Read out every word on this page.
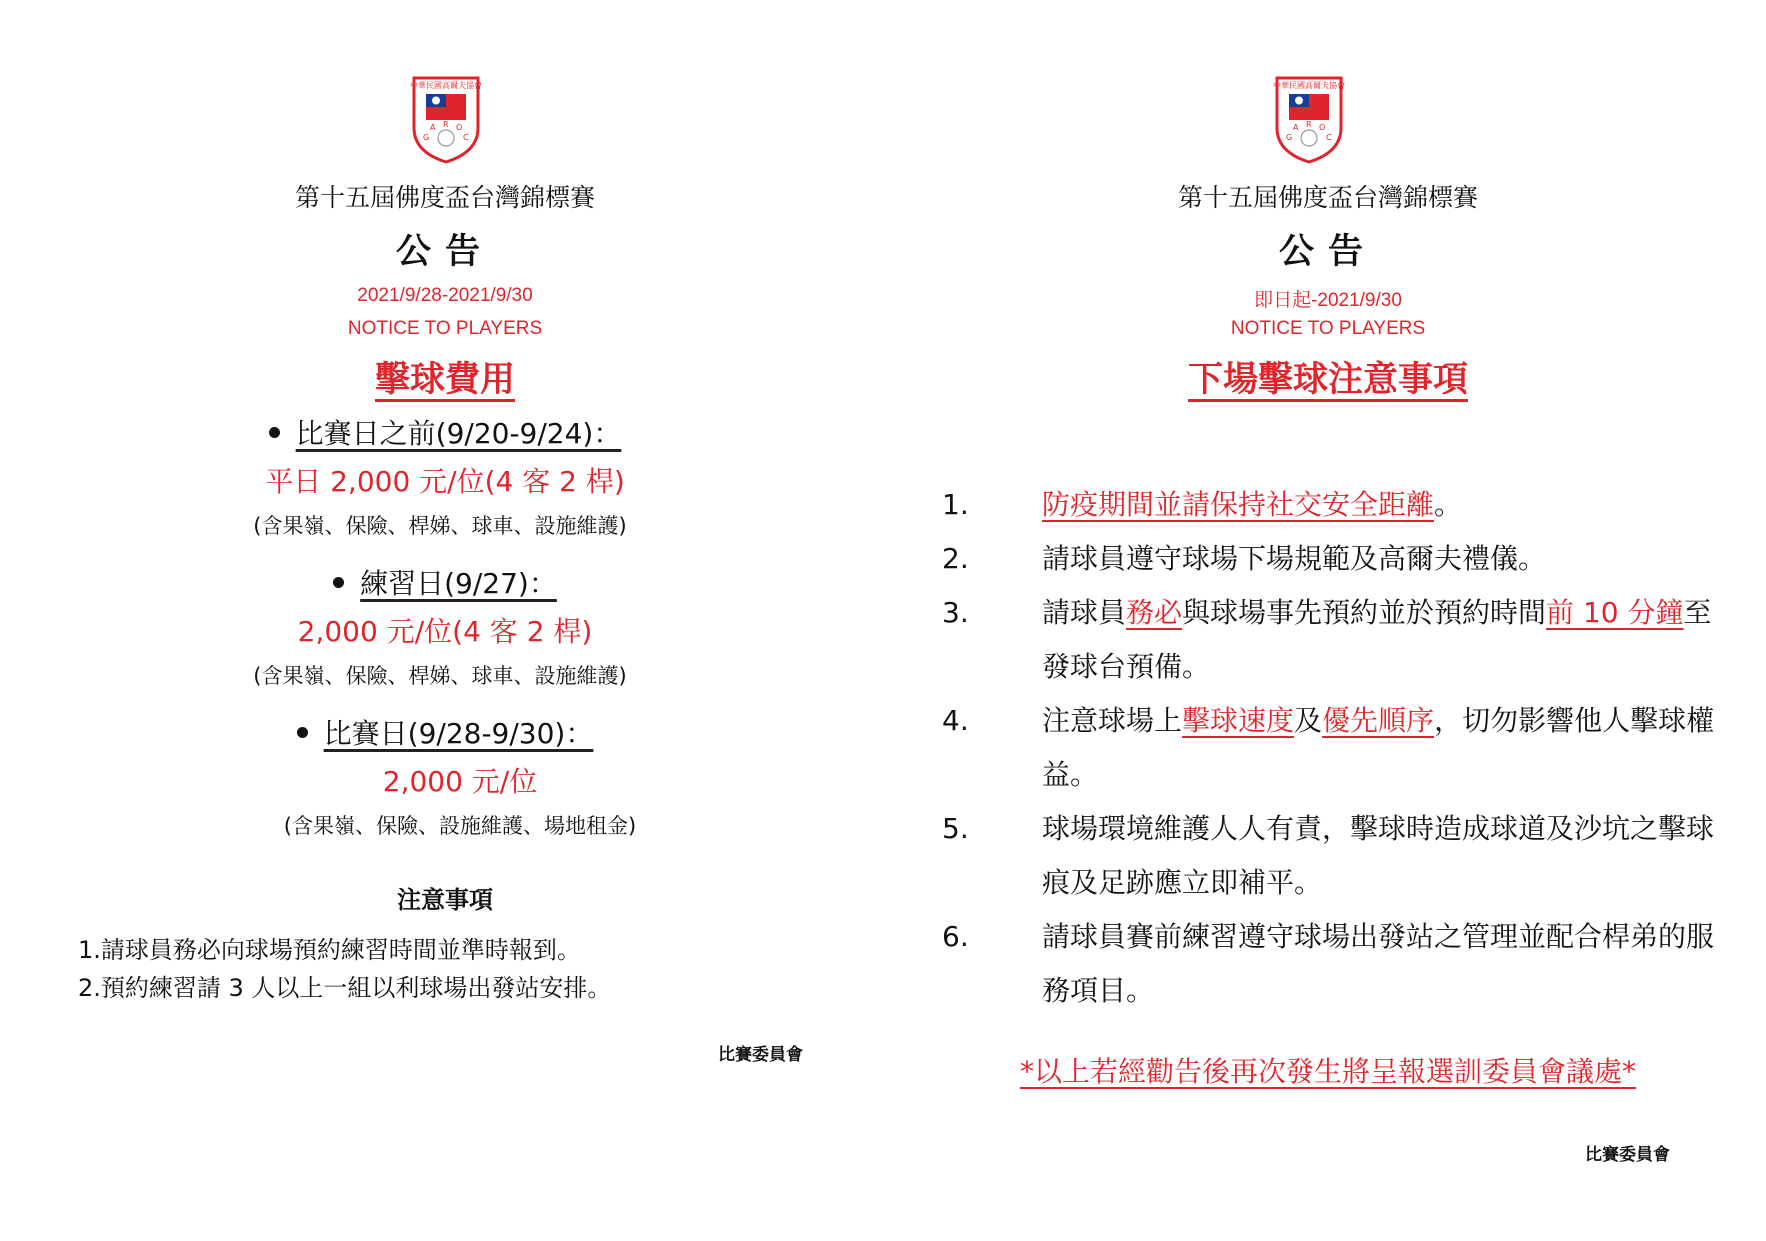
中華民國高爾夫協會
G
A R O
C
第十五屆佛度盃台灣錦標賽
公告
2021/9/28-2021/9/30
NOTICE TO PLAYERS
擊球費用
比賽日之前(9/20-9/24)：
平日 2,000 元/位(4 客 2 桿)
(含果嶺、保險、桿娣、球車、設施維護)
練習日(9/27)：
2,000 元/位(4 客 2 桿)
(含果嶺、保險、桿娣、球車、設施維護)
比賽日(9/28-9/30)：
2,000 元/位
(含果嶺、保險、設施維護、場地租金)
注意事項
1.請球員務必向球場預約練習時間並準時報到。
2.預約練習請 3 人以上一組以利球場出發站安排。
比賽委員會
中華民國高爾夫協會
G
A R O
C
第十五屆佛度盃台灣錦標賽
公告
即日起-2021/9/30
NOTICE TO PLAYERS
下場擊球注意事項
1.	防疫期間並請保持社交安全距離。
2.	請球員遵守球場下場規範及高爾夫禮儀。
3.	請球員務必與球場事先預約並於預約時間前 10 分鐘至發球台預備。
4.	注意球場上擊球速度及優先順序，切勿影響他人擊球權益。
5.	球場環境維護人人有責，擊球時造成球道及沙坑之擊球痕及足跡應立即補平。
6.	請球員賽前練習遵守球場出發站之管理並配合桿弟的服務項目。
*以上若經勸告後再次發生將呈報選訓委員會議處*
比賽委員會
